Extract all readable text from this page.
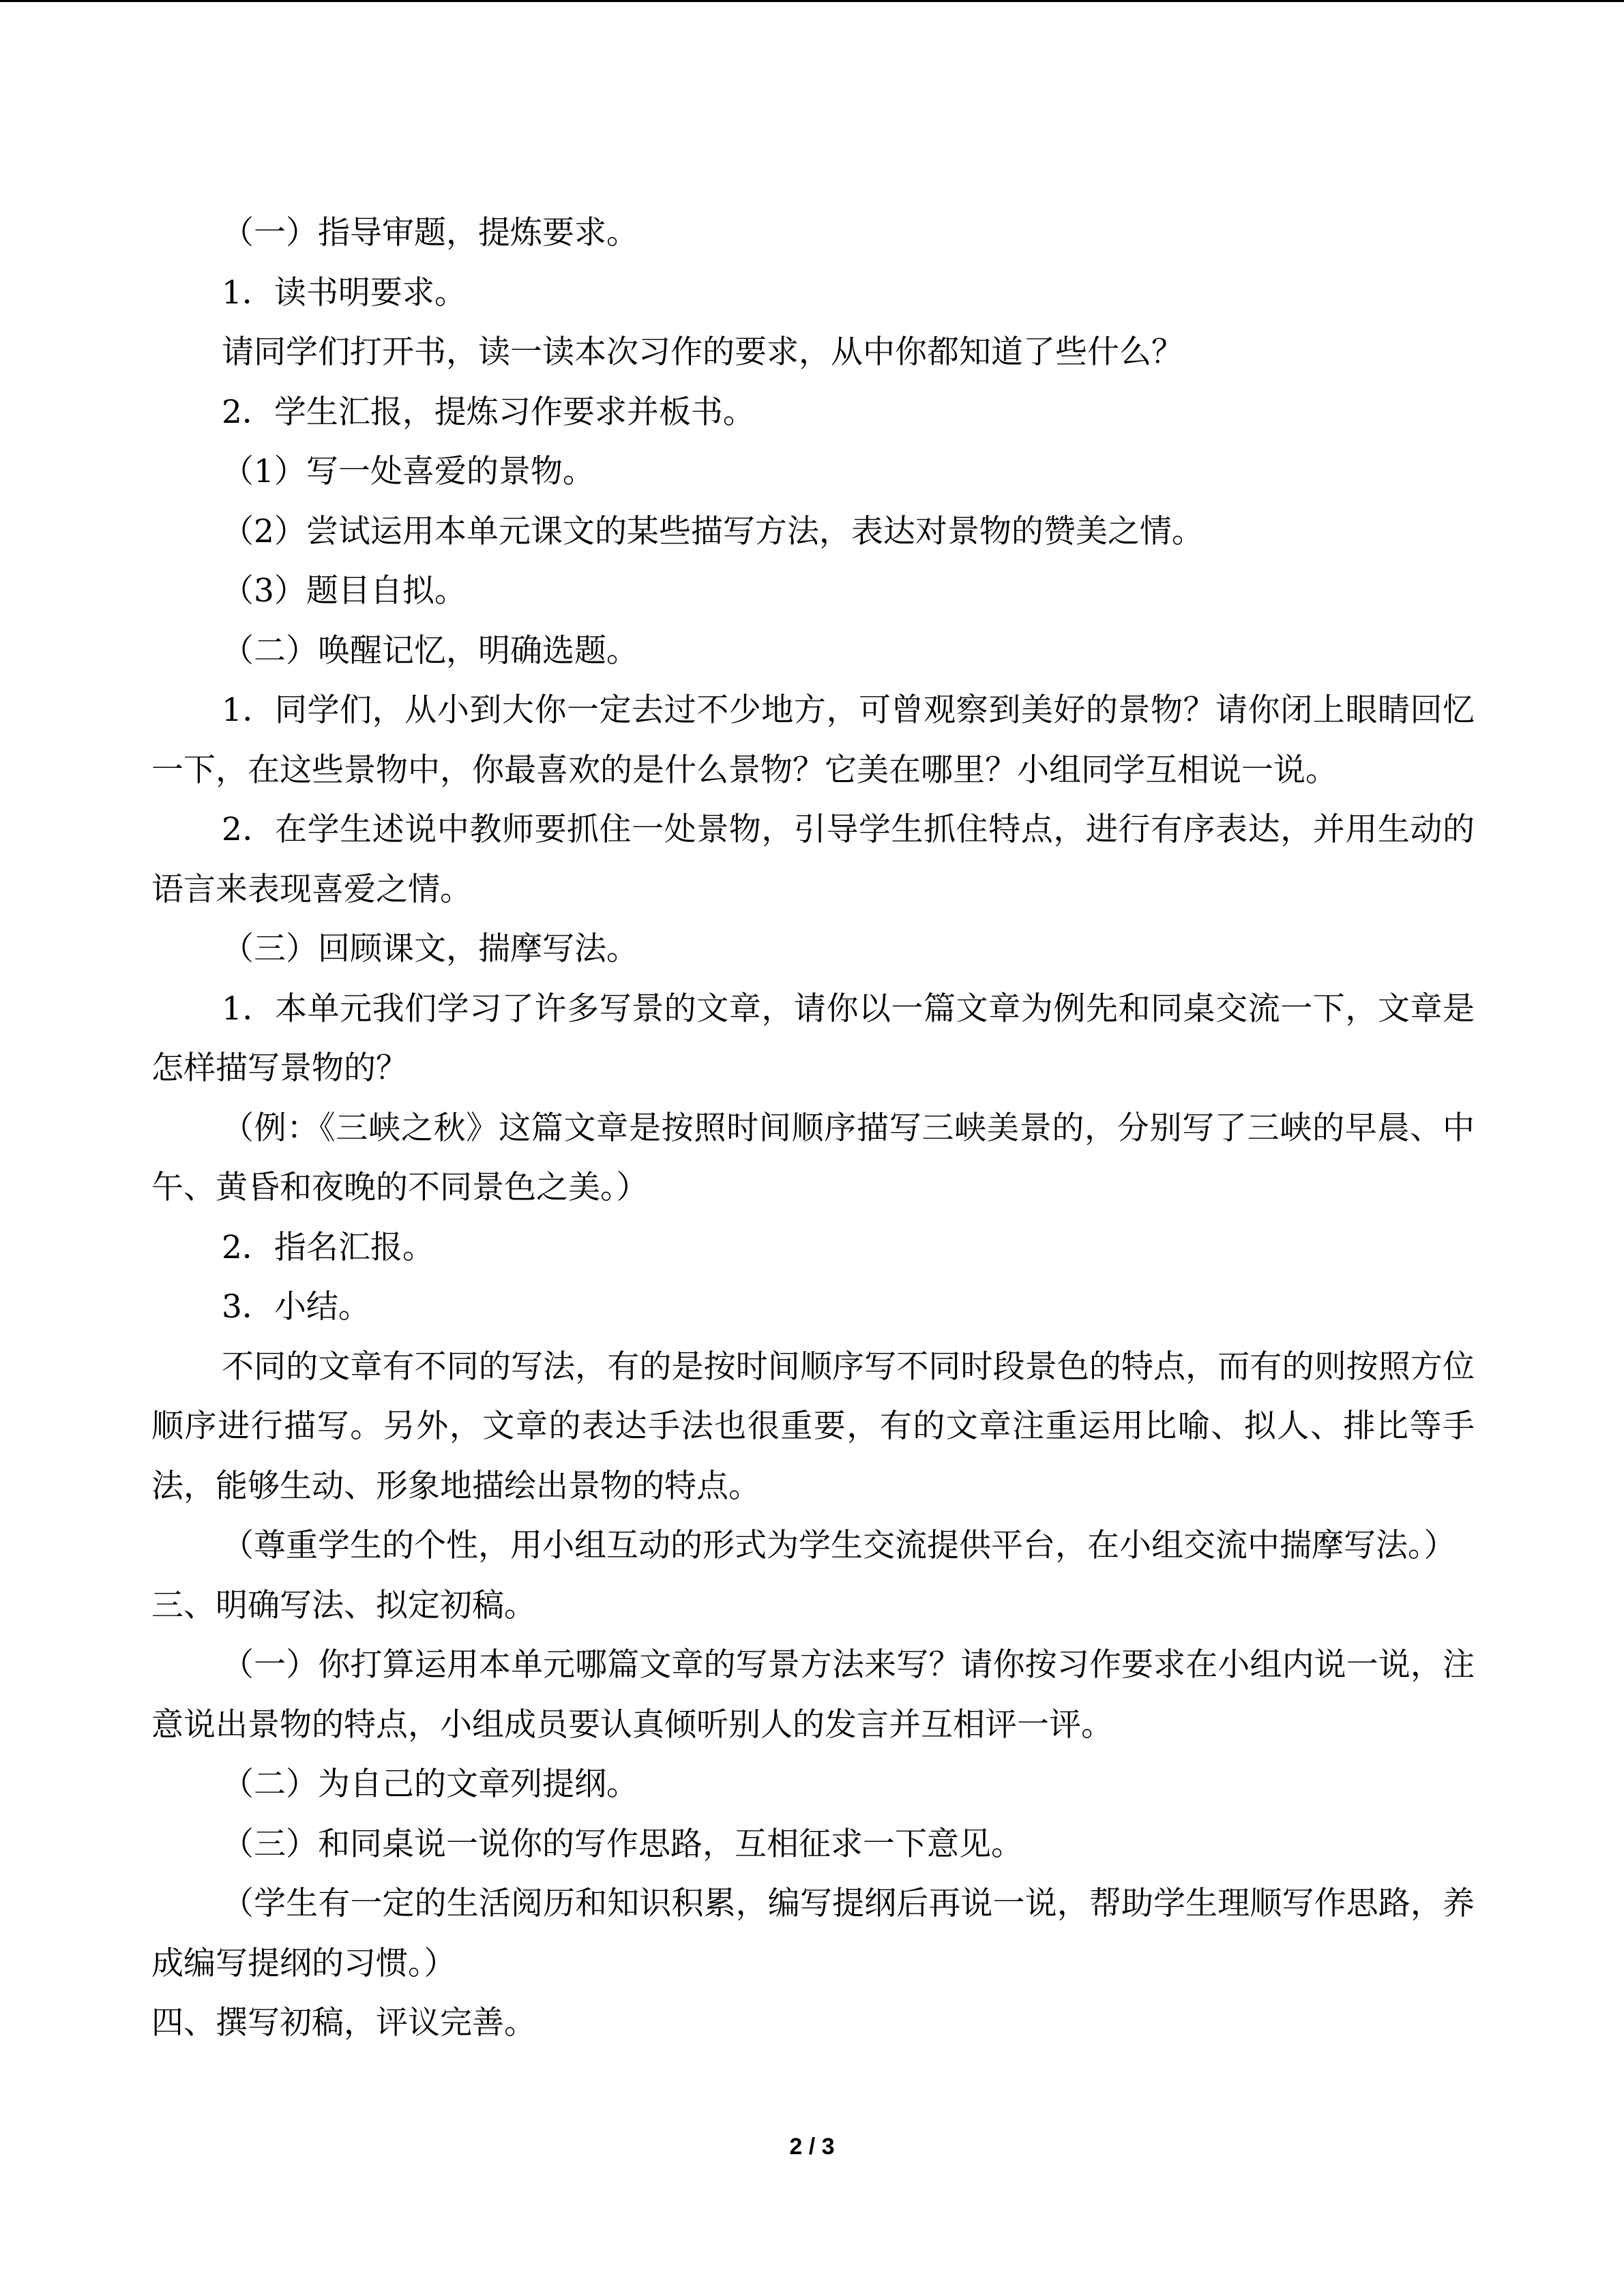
（一）指导审题，提炼要求。

1．读书明要求。

请同学们打开书，读一读本次习作的要求，从中你都知道了些什么？

2．学生汇报，提炼习作要求并板书。

（1）写一处喜爱的景物。

（2）尝试运用本单元课文的某些描写方法，表达对景物的赞美之情。

（3）题目自拟。

（二）唤醒记忆，明确选题。

1．同学们，从小到大你一定去过不少地方，可曾观察到美好的景物？请你闭上眼睛回忆一下，在这些景物中，你最喜欢的是什么景物？它美在哪里？小组同学互相说一说。

2．在学生述说中教师要抓住一处景物，引导学生抓住特点，进行有序表达，并用生动的语言来表现喜爱之情。

（三）回顾课文，揣摩写法。

1．本单元我们学习了许多写景的文章，请你以一篇文章为例先和同桌交流一下，文章是怎样描写景物的？

（例：《三峡之秋》这篇文章是按照时间顺序描写三峡美景的，分别写了三峡的早晨、中午、黄昏和夜晚的不同景色之美。）

2．指名汇报。

3．小结。

不同的文章有不同的写法，有的是按时间顺序写不同时段景色的特点，而有的则按照方位顺序进行描写。另外，文章的表达手法也很重要，有的文章注重运用比喻、拟人、排比等手法，能够生动、形象地描绘出景物的特点。

（尊重学生的个性，用小组互动的形式为学生交流提供平台，在小组交流中揣摩写法。）

三、明确写法、拟定初稿。

（一）你打算运用本单元哪篇文章的写景方法来写？请你按习作要求在小组内说一说，注意说出景物的特点，小组成员要认真倾听别人的发言并互相评一评。

（二）为自己的文章列提纲。

（三）和同桌说一说你的写作思路，互相征求一下意见。

（学生有一定的生活阅历和知识积累，编写提纲后再说一说，帮助学生理顺写作思路，养成编写提纲的习惯。）

四、撰写初稿，评议完善。

2 / 3
